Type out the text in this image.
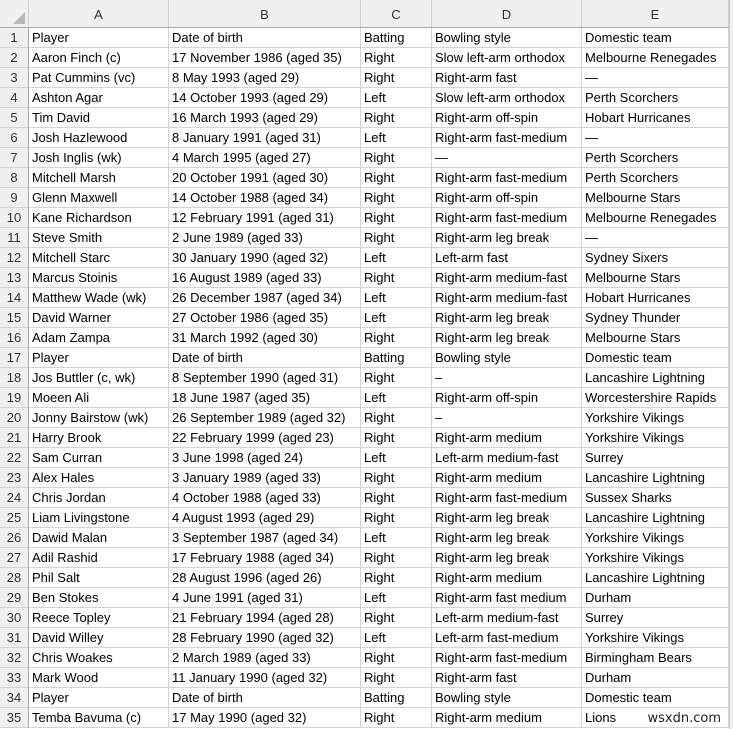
A	B	C	D	E
1	Player	Date of birth	Batting	Bowling style	Domestic team
2	Aaron Finch (c)	17 November 1986 (aged 35)	Right	Slow left-arm orthodox	Melbourne Renegades
3	Pat Cummins (vc)	8 May 1993 (aged 29)	Right	Right-arm fast	—
4	Ashton Agar	14 October 1993 (aged 29)	Left	Slow left-arm orthodox	Perth Scorchers
5	Tim David	16 March 1993 (aged 29)	Right	Right-arm off-spin	Hobart Hurricanes
6	Josh Hazlewood	8 January 1991 (aged 31)	Left	Right-arm fast-medium	—
7	Josh Inglis (wk)	4 March 1995 (aged 27)	Right	—	Perth Scorchers
8	Mitchell Marsh	20 October 1991 (aged 30)	Right	Right-arm fast-medium	Perth Scorchers
9	Glenn Maxwell	14 October 1988 (aged 34)	Right	Right-arm off-spin	Melbourne Stars
10 Kane Richardson	12 February 1991 (aged 31)	Right	Right-arm fast-medium	Melbourne Renegades
11 Steve Smith	2 June 1989 (aged 33)	Right	Right-arm leg break	—
12 Mitchell Starc	30 January 1990 (aged 32)	Left	Left-arm fast	Sydney Sixers
13 Marcus Stoinis	16 August 1989 (aged 33)	Right	Right-arm medium-fast	Melbourne Stars
14 Matthew Wade (wk)	26 December 1987 (aged 34)	Left	Right-arm medium-fast	Hobart Hurricanes
15 David Warner	27 October 1986 (aged 35)	Left	Right-arm leg break	Sydney Thunder
16 Adam Zampa	31 March 1992 (aged 30)	Right	Right-arm leg break	Melbourne Stars
17 Player	Date of birth	Batting	Bowling style	Domestic team
18 Jos Buttler (c, wk)	8 September 1990 (aged 31)	Right	–	Lancashire Lightning
19 Moeen Ali	18 June 1987 (aged 35)	Left	Right-arm off-spin	Worcestershire Rapids
20 Jonny Bairstow (wk)	26 September 1989 (aged 32)	Right	–	Yorkshire Vikings
21 Harry Brook	22 February 1999 (aged 23)	Right	Right-arm medium	Yorkshire Vikings
22 Sam Curran	3 June 1998 (aged 24)	Left	Left-arm medium-fast	Surrey
23 Alex Hales	3 January 1989 (aged 33)	Right	Right-arm medium	Lancashire Lightning
24 Chris Jordan	4 October 1988 (aged 33)	Right	Right-arm fast-medium	Sussex Sharks
25 Liam Livingstone	4 August 1993 (aged 29)	Right	Right-arm leg break	Lancashire Lightning
26 Dawid Malan	3 September 1987 (aged 34)	Left	Right-arm leg break	Yorkshire Vikings
27 Adil Rashid	17 February 1988 (aged 34)	Right	Right-arm leg break	Yorkshire Vikings
28 Phil Salt	28 August 1996 (aged 26)	Right	Right-arm medium	Lancashire Lightning
29 Ben Stokes	4 June 1991 (aged 31)	Left	Right-arm fast medium	Durham
30 Reece Topley	21 February 1994 (aged 28)	Right	Left-arm medium-fast	Surrey
31 David Willey	28 February 1990 (aged 32)	Left	Left-arm fast-medium	Yorkshire Vikings
32 Chris Woakes	2 March 1989 (aged 33)	Right	Right-arm fast-medium	Birmingham Bears
33 Mark Wood	11 January 1990 (aged 32)	Right	Right-arm fast	Durham
34 Player	Date of birth	Batting	Bowling style	Domestic team
35 Temba Bavuma (c)	17 May 1990 (aged 32)	Right	Right-arm medium	Lions	wsxdn.com
